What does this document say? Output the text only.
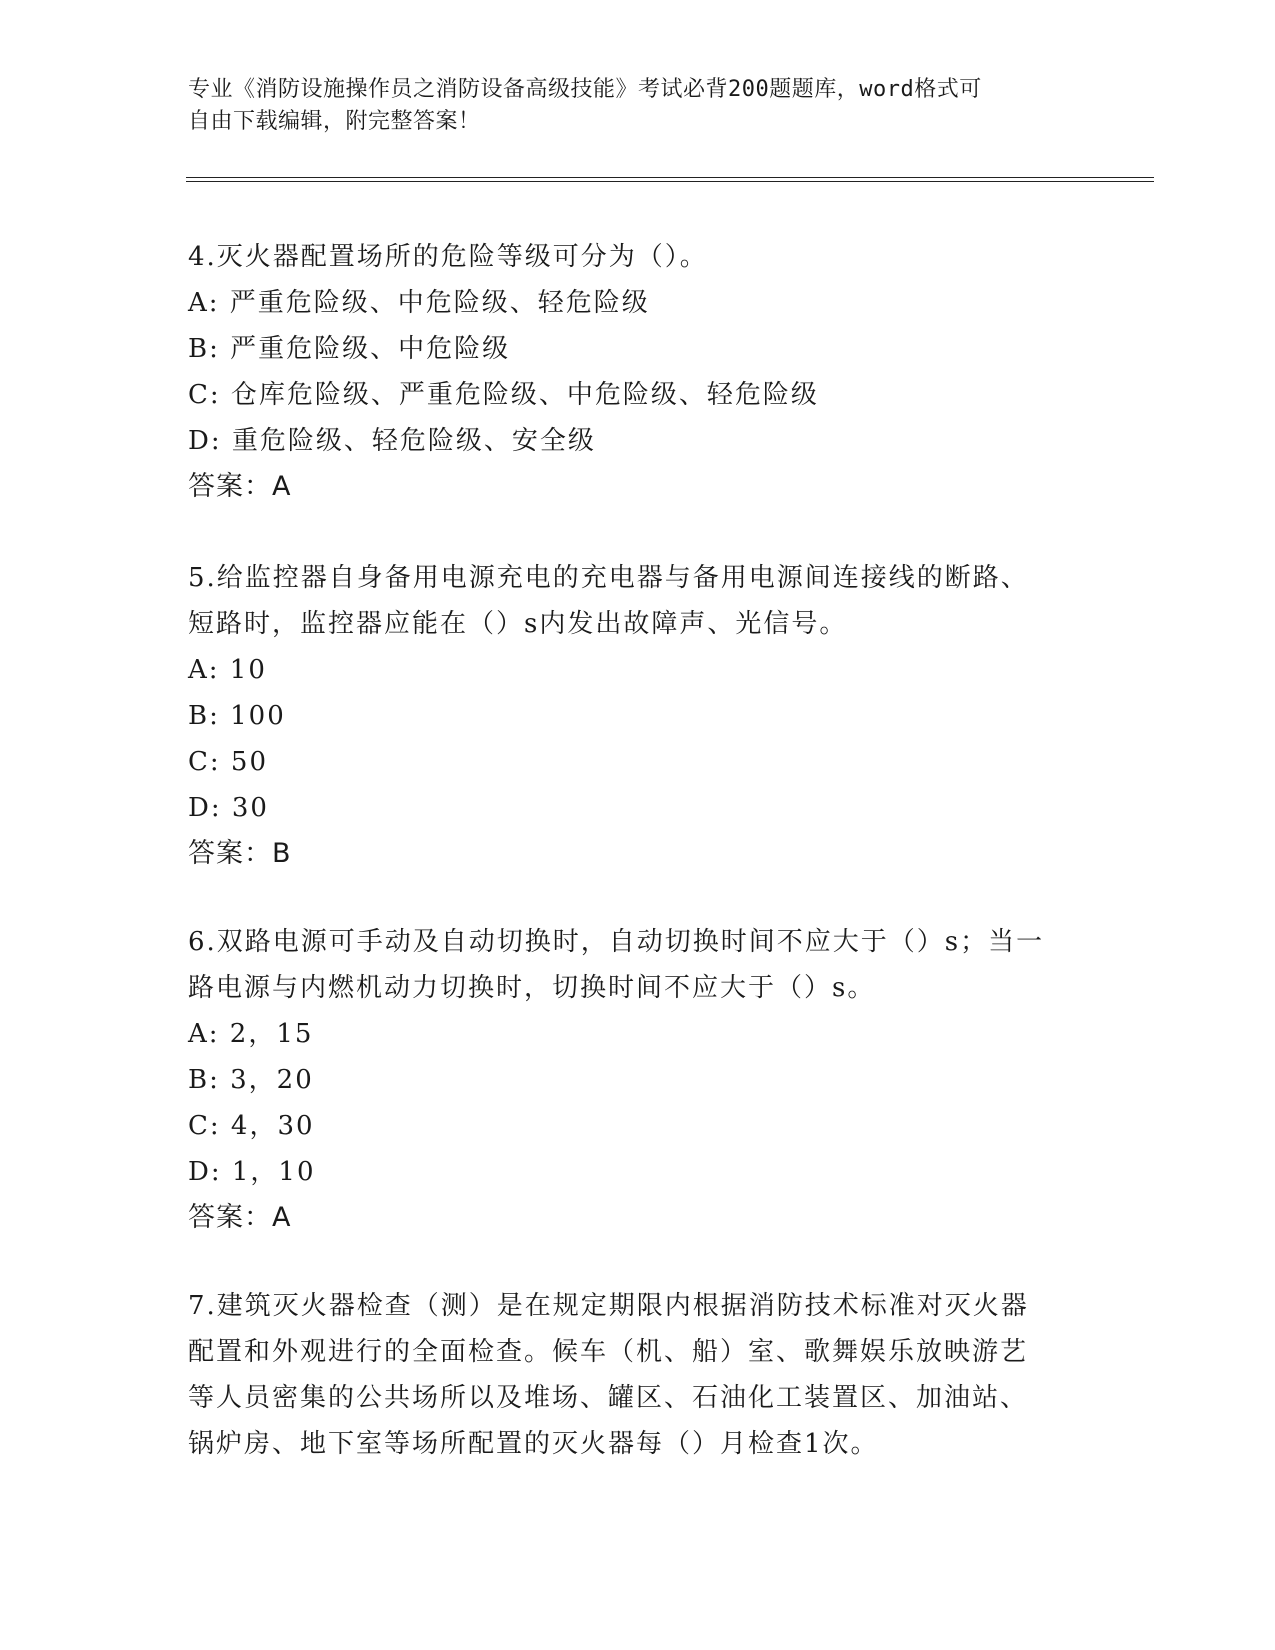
专业《消防设施操作员之消防设备高级技能》考试必背200题题库，word格式可
自由下载编辑，附完整答案！
4.灭火器配置场所的危险等级可分为（）。
A: 严重危险级、中危险级、轻危险级
B: 严重危险级、中危险级
C: 仓库危险级、严重危险级、中危险级、轻危险级
D: 重危险级、轻危险级、安全级
答案：A
5.给监控器自身备用电源充电的充电器与备用电源间连接线的断路、
短路时，监控器应能在（）s内发出故障声、光信号。
A: 10
B: 100
C: 50
D: 30
答案：B
6.双路电源可手动及自动切换时，自动切换时间不应大于（）s；当一
路电源与内燃机动力切换时，切换时间不应大于（）s。
A: 2，15
B: 3，20
C: 4，30
D: 1，10
答案：A
7.建筑灭火器检查（测）是在规定期限内根据消防技术标准对灭火器
配置和外观进行的全面检查。候车（机、船）室、歌舞娱乐放映游艺
等人员密集的公共场所以及堆场、罐区、石油化工装置区、加油站、
锅炉房、地下室等场所配置的灭火器每（）月检查1次。
